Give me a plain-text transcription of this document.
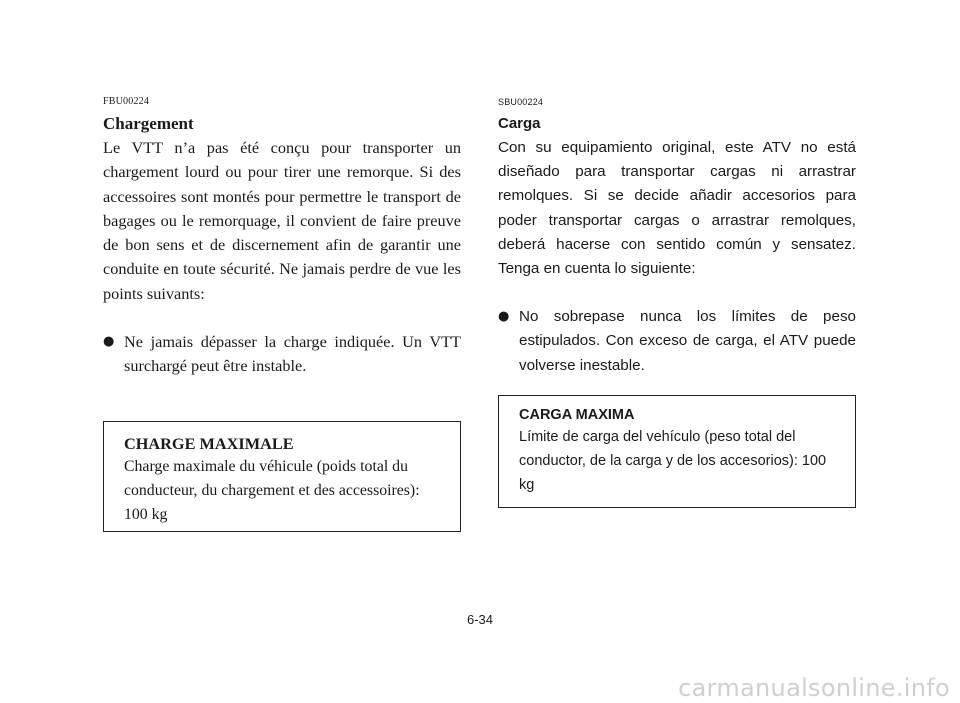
FBU00224

Chargement

Le VTT n’a pas été conçu pour transporter un chargement lourd ou pour tirer une remorque. Si des accessoires sont montés pour permettre le transport de bagages ou le remorquage, il convient de faire preuve de bon sens et de discernement afin de garantir une conduite en toute sécurité. Ne jamais perdre de vue les points suivants:

● Ne jamais dépasser la charge indiquée. Un VTT surchargé peut être instable.

CHARGE MAXIMALE

Charge maximale du véhicule (poids total du conducteur, du chargement et des accessoires): 100 kg

SBU00224

Carga

Con su equipamiento original, este ATV no está diseñado para transportar cargas ni arrastrar remolques. Si se decide añadir accesorios para poder transportar cargas o arrastrar remolques, deberá hacerse con sentido común y sensatez. Tenga en cuenta lo siguiente:

● No sobrepase nunca los límites de peso estipulados. Con exceso de carga, el ATV puede volverse inestable.

CARGA MAXIMA

Límite de carga del vehículo (peso total del conductor, de la carga y de los accesorios): 100 kg

6-34
carmanualsonline.info
